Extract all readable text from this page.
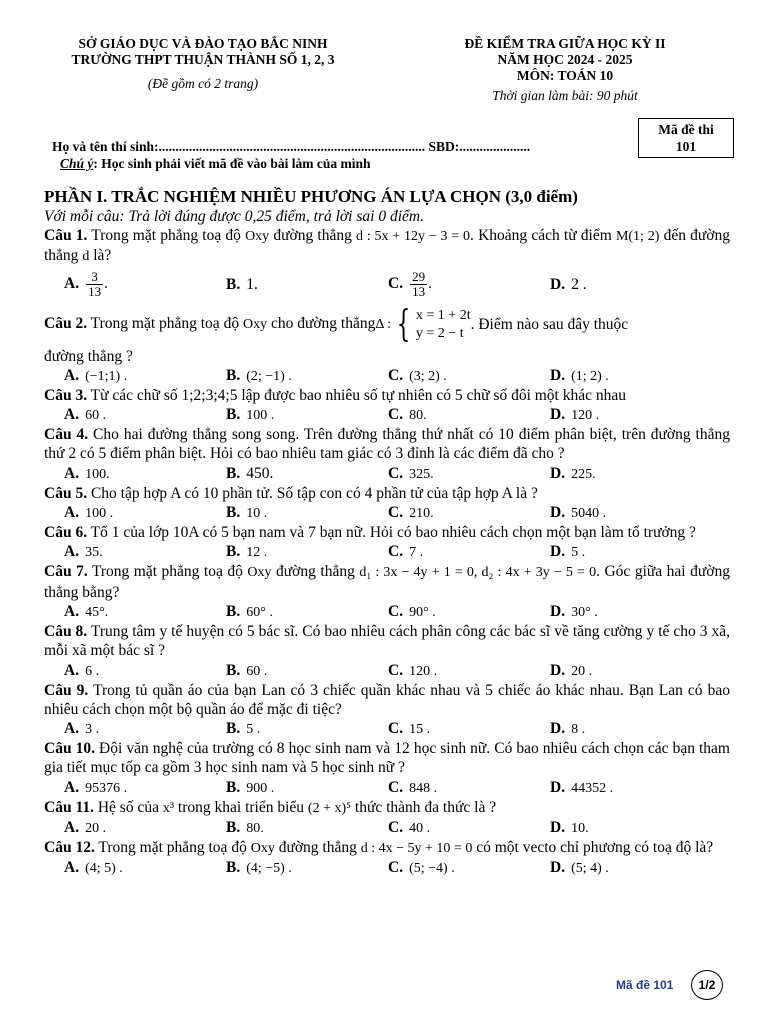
SỞ GIÁO DỤC VÀ ĐÀO TẠO BẮC NINH
TRƯỜNG THPT THUẬN THÀNH SỐ 1, 2, 3
(Đề gồm có 2 trang)
ĐỀ KIỂM TRA GIỮA HỌC KỲ II
NĂM HỌC 2024 - 2025
MÔN: TOÁN 10
Thời gian làm bài: 90 phút
Mã đề thi
101
Họ và tên thí sinh:............................................................................... SBD:.....................
Chú ý: Học sinh phải viết mã đề vào bài làm của mình
PHẦN I. TRẮC NGHIỆM NHIỀU PHƯƠNG ÁN LỰA CHỌN (3,0 điểm)
Với mỗi câu: Trả lời đúng được 0,25 điểm, trả lời sai 0 điểm.
Câu 1. Trong mặt phẳng toạ độ Oxy đường thẳng d : 5x + 12y − 3 = 0. Khoảng cách từ điểm M(1; 2) đến đường thẳng d là?
A. $\frac{3}{13}$ .	B. 1.	C. $\frac{29}{13}$ .	D. 2 .
Câu 2. Trong mặt phẳng toạ độ Oxy cho đường thẳng Δ : { x = 1 + 2t
y = 2 − t
. Điểm nào sau đây thuộc
đường thẳng ?
A. (−1;1) .	B. (2; −1) .	C. (3; 2) .	D. (1; 2) .
Câu 3. Từ các chữ số 1;2;3;4;5 lập được bao nhiêu số tự nhiên có 5 chữ số đôi một khác nhau
A. 60 .	B. 100 .	C. 80.	D. 120 .
Câu 4. Cho hai đường thẳng song song. Trên đường thẳng thứ nhất có 10 điểm phân biệt, trên đường thẳng thứ 2 có 5 điểm phân biệt. Hỏi có bao nhiêu tam giác có 3 đỉnh là các điểm đã cho ?
A. 100.	B. 450.	C. 325.	D. 225.
Câu 5. Cho tập hợp A có 10 phần tử. Số tập con có 4 phần tử của tập hợp A là ?
A. 100 .	B. 10 .	C. 210.	D. 5040 .
Câu 6. Tổ 1 của lớp 10A có 5 bạn nam và 7 bạn nữ. Hỏi có bao nhiêu cách chọn một bạn làm tổ trưởng ?
A. 35.	B. 12 .	C. 7 .	D. 5 .
Câu 7. Trong mặt phẳng toạ độ Oxy đường thẳng d₁ : 3x − 4y + 1 = 0, d₂ : 4x + 3y − 5 = 0. Góc giữa hai đường thẳng bằng?
A. 45°.	B. 60° .	C. 90° .	D. 30° .
Câu 8. Trung tâm y tế huyện có 5 bác sĩ. Có bao nhiêu cách phân công các bác sĩ về tăng cường y tế cho 3 xã, mỗi xã một bác sĩ ?
A. 6 .	B. 60 .	C. 120 .	D. 20 .
Câu 9. Trong tủ quần áo của bạn Lan có 3 chiếc quần khác nhau và 5 chiếc áo khác nhau. Bạn Lan có bao nhiêu cách chọn một bộ quần áo để mặc đi tiệc?
A. 3 .	B. 5 .	C. 15 .	D. 8 .
Câu 10. Đội văn nghệ của trường có 8 học sinh nam và 12 học sinh nữ. Có bao nhiêu cách chọn các bạn tham gia tiết mục tốp ca gồm 3 học sinh nam và 5 học sinh nữ ?
A. 95376 .	B. 900 .	C. 848 .	D. 44352 .
Câu 11. Hệ số của x³ trong khai triển biểu (2 + x)⁵ thức thành đa thức là ?
A. 20 .	B. 80.	C. 40 .	D. 10.
Câu 12. Trong mặt phẳng toạ độ Oxy đường thẳng d : 4x − 5y + 10 = 0 có một vecto chỉ phương có toạ độ là?
A. (4; 5) .	B. (4; −5) .	C. (5; −4) .	D. (5; 4) .
Mã đề 101	1/2
